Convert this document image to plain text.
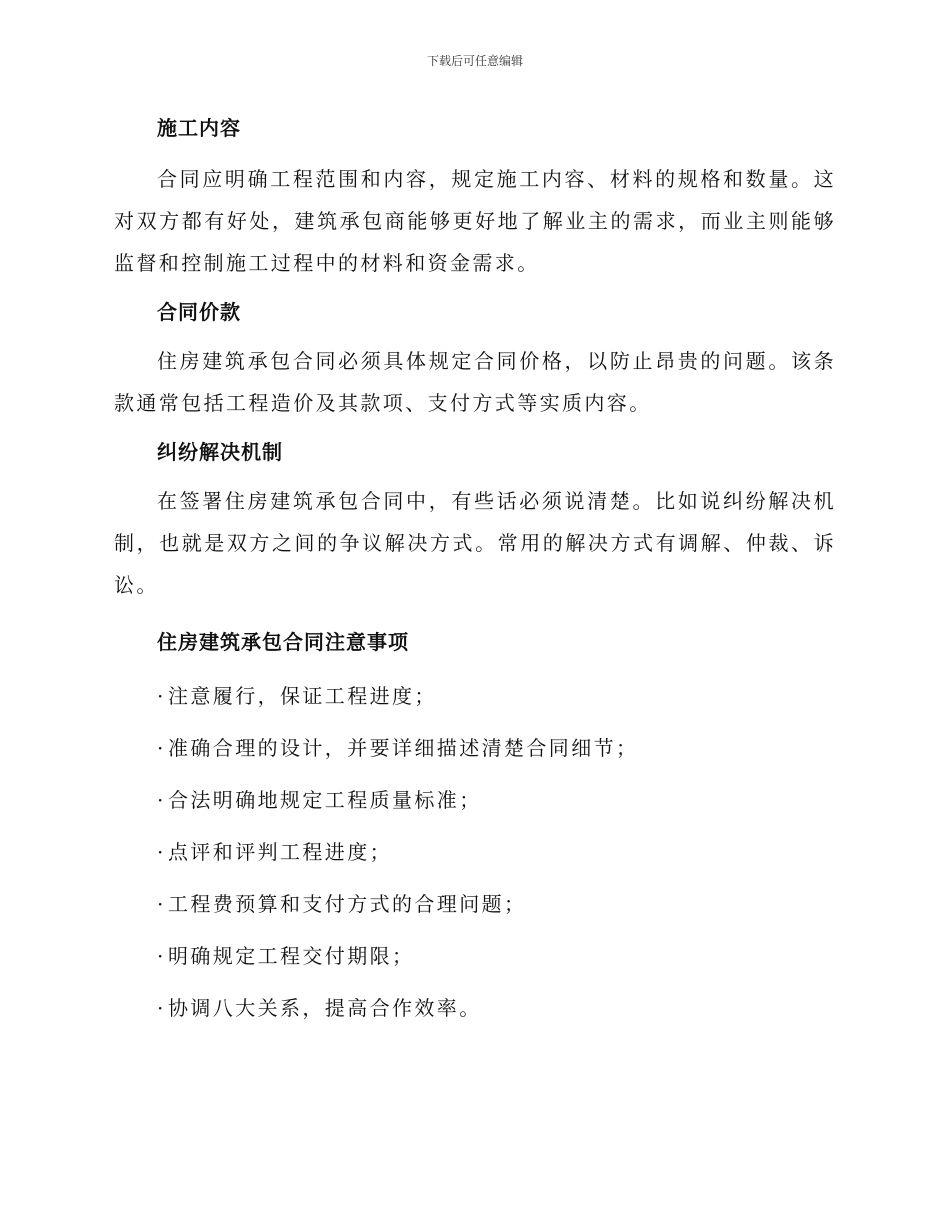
下载后可任意编辑
施工内容

合同应明确工程范围和内容，规定施工内容、材料的规格和数量。这对双方都有好处，建筑承包商能够更好地了解业主的需求，而业主则能够监督和控制施工过程中的材料和资金需求。

合同价款

住房建筑承包合同必须具体规定合同价格，以防止昂贵的问题。该条款通常包括工程造价及其款项、支付方式等实质内容。

纠纷解决机制

在签署住房建筑承包合同中，有些话必须说清楚。比如说纠纷解决机制，也就是双方之间的争议解决方式。常用的解决方式有调解、仲裁、诉讼。

住房建筑承包合同注意事项
· 注意履行，保证工程进度；
· 准确合理的设计，并要详细描述清楚合同细节；
· 合法明确地规定工程质量标准；
· 点评和评判工程进度；
· 工程费预算和支付方式的合理问题；
· 明确规定工程交付期限；
· 协调八大关系，提高合作效率。
